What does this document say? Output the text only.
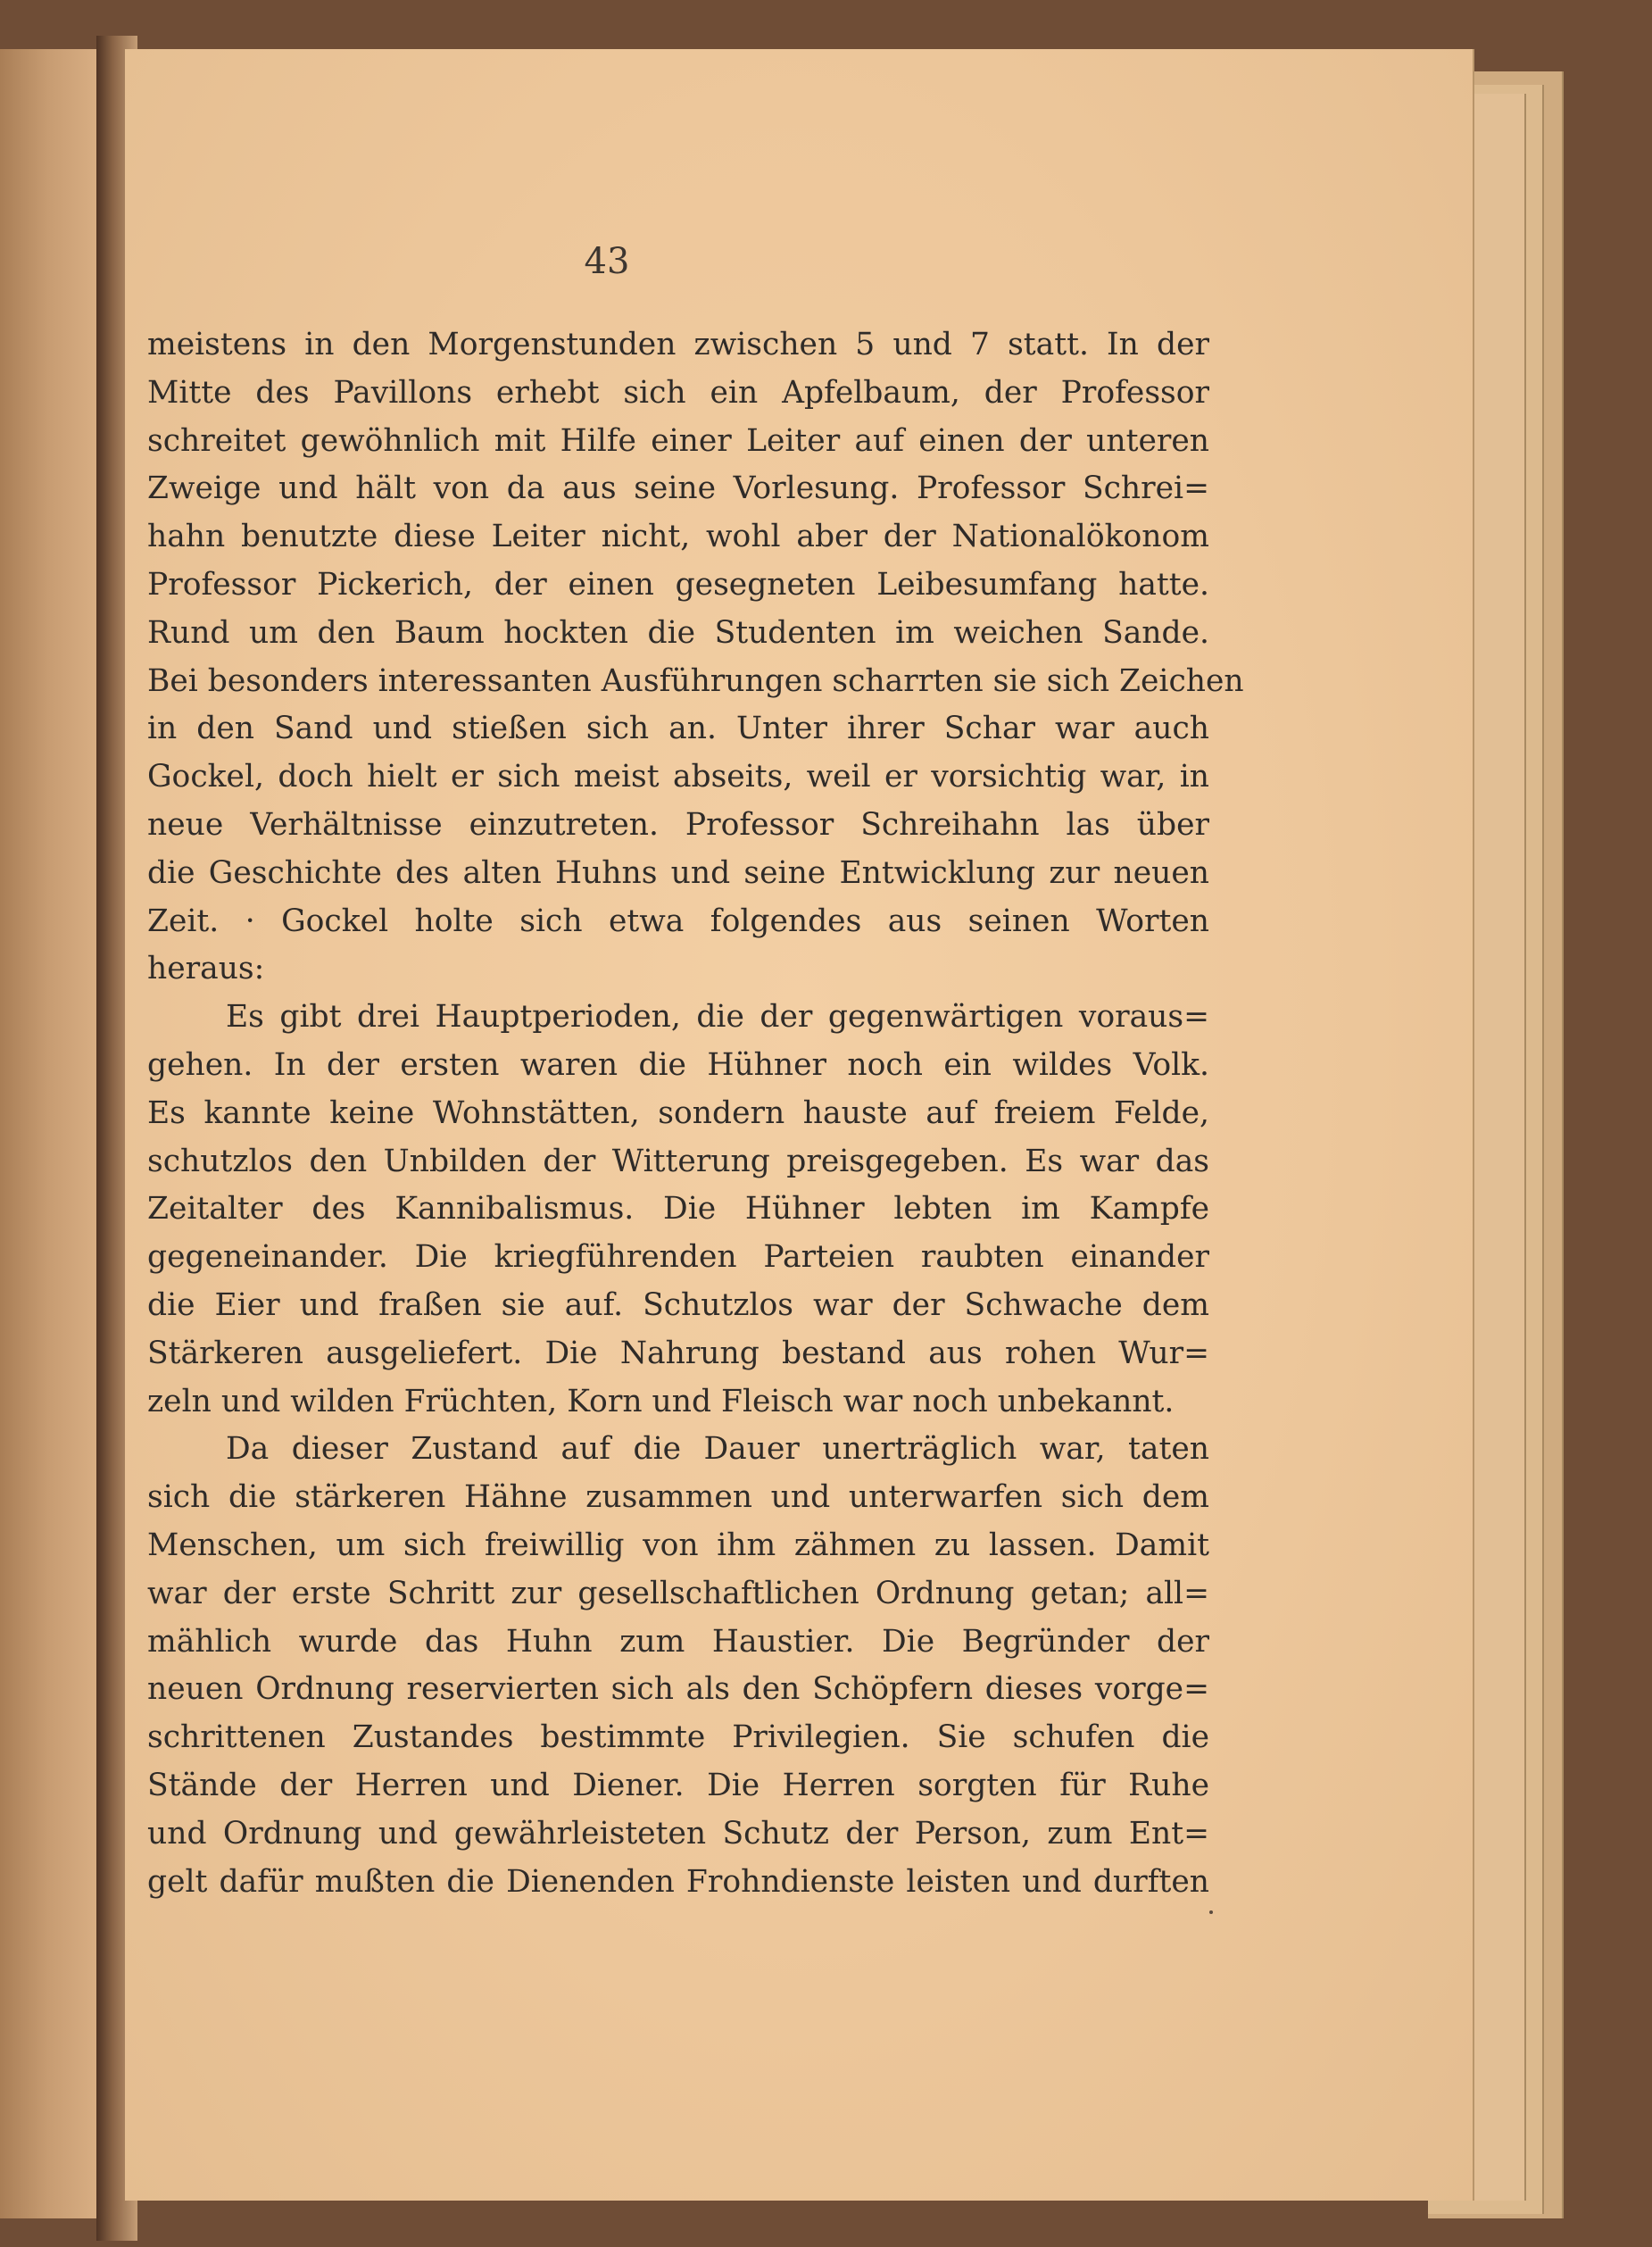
43
meistens in den Morgenstunden zwischen 5 und 7 statt. In der
Mitte des Pavillons erhebt sich ein Apfelbaum, der Professor
schreitet gewöhnlich mit Hilfe einer Leiter auf einen der unteren
Zweige und hält von da aus seine Vorlesung. Professor Schrei=
hahn benutzte diese Leiter nicht, wohl aber der Nationalökonom
Professor Pickerich, der einen gesegneten Leibesumfang hatte.
Rund um den Baum hockten die Studenten im weichen Sande.
Bei besonders interessanten Ausführungen scharrten sie sich Zeichen
in den Sand und stießen sich an. Unter ihrer Schar war auch
Gockel, doch hielt er sich meist abseits, weil er vorsichtig war, in
neue Verhältnisse einzutreten. Professor Schreihahn las über
die Geschichte des alten Huhns und seine Entwicklung zur neuen
Zeit. · Gockel holte sich etwa folgendes aus seinen Worten
heraus:
Es gibt drei Hauptperioden, die der gegenwärtigen voraus=
gehen. In der ersten waren die Hühner noch ein wildes Volk.
Es kannte keine Wohnstätten, sondern hauste auf freiem Felde,
schutzlos den Unbilden der Witterung preisgegeben. Es war das
Zeitalter des Kannibalismus. Die Hühner lebten im Kampfe
gegeneinander. Die kriegführenden Parteien raubten einander
die Eier und fraßen sie auf. Schutzlos war der Schwache dem
Stärkeren ausgeliefert. Die Nahrung bestand aus rohen Wur=
zeln und wilden Früchten, Korn und Fleisch war noch unbekannt.
Da dieser Zustand auf die Dauer unerträglich war, taten
sich die stärkeren Hähne zusammen und unterwarfen sich dem
Menschen, um sich freiwillig von ihm zähmen zu lassen. Damit
war der erste Schritt zur gesellschaftlichen Ordnung getan; all=
mählich wurde das Huhn zum Haustier. Die Begründer der
neuen Ordnung reservierten sich als den Schöpfern dieses vorge=
schrittenen Zustandes bestimmte Privilegien. Sie schufen die
Stände der Herren und Diener. Die Herren sorgten für Ruhe
und Ordnung und gewährleisteten Schutz der Person, zum Ent=
gelt dafür mußten die Dienenden Frohndienste leisten und durften
